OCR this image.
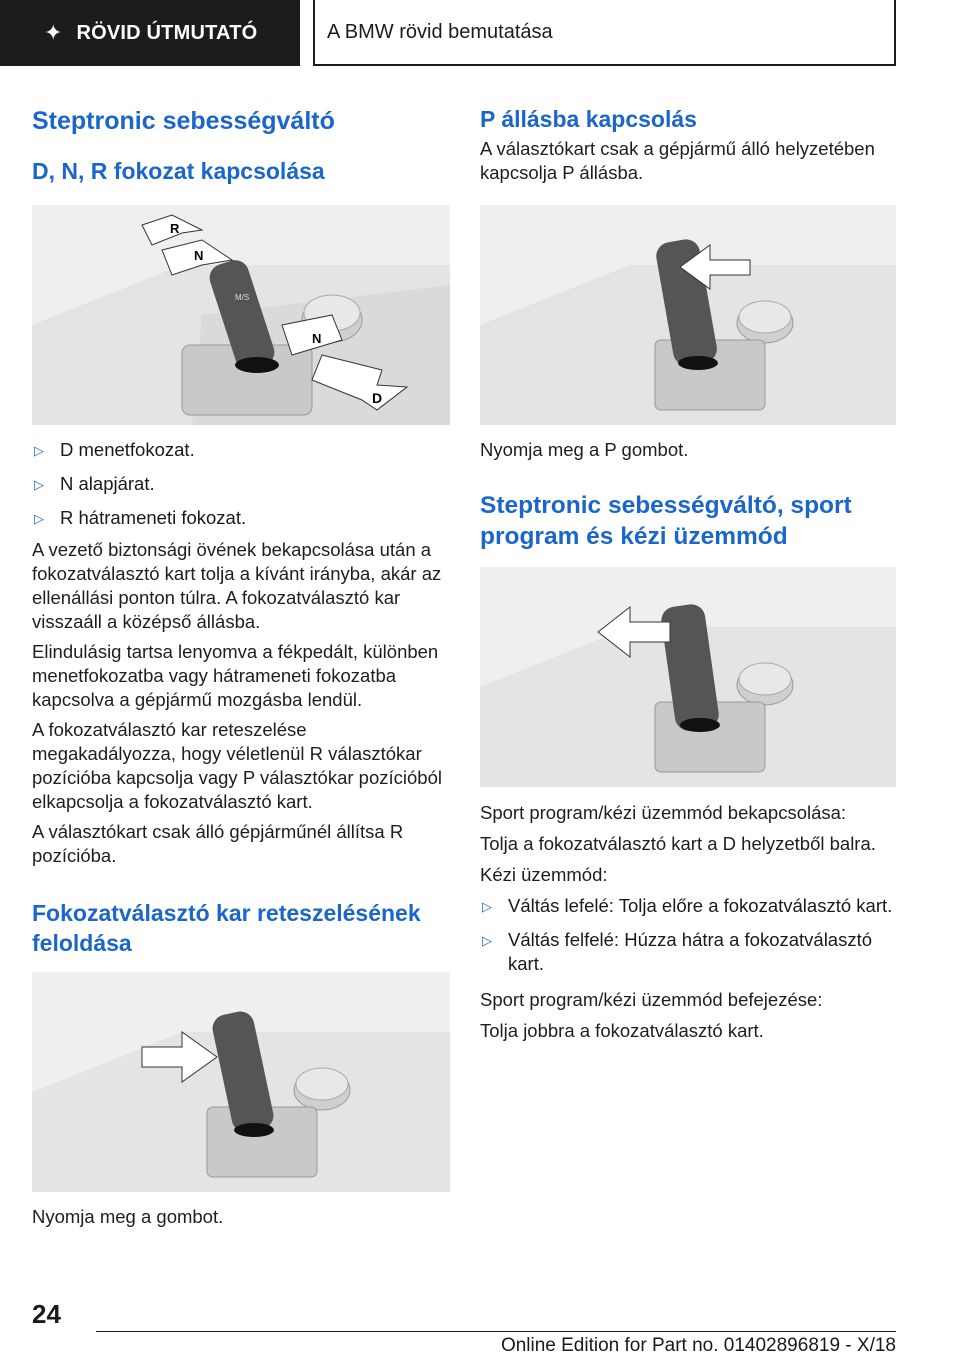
✦ RÖVID ÚTMUTATÓ	A BMW rövid bemutatása
Steptronic sebességváltó
D, N, R fokozat kapcsolása
R
N
N
D
M/S
▷ D menetfokozat.
▷ N alapjárat.
▷ R hátrameneti fokozat.

A vezető biztonsági övének bekapcsolása után a fokozatválasztó kart tolja a kívánt irányba, akár az ellenállási ponton túlra. A fokozatválasztó kar visszaáll a középső állásba.

Elindulásig tartsa lenyomva a fékpedált, különben menetfokozatba vagy hátrameneti fokozatba kapcsolva a gépjármű mozgásba lendül.

A fokozatválasztó kar reteszelése megakadályozza, hogy véletlenül R választókar pozícióba kapcsolja vagy P választókar pozícióból elkapcsolja a fokozatválasztó kart.

A választókart csak álló gépjárműnél állítsa R pozícióba.

Fokozatválasztó kar reteszelésének feloldása

Nyomja meg a gombot.

P állásba kapcsolás

A választókart csak a gépjármű álló helyzetében kapcsolja P állásba.

Nyomja meg a P gombot.

Steptronic sebességváltó, sport program és kézi üzemmód

Sport program/kézi üzemmód bekapcsolása:

Tolja a fokozatválasztó kart a D helyzetből balra.

Kézi üzemmód:

▷ Váltás lefelé: Tolja előre a fokozatválasztó kart.
▷ Váltás felfelé: Húzza hátra a fokozatválasztó kart.

Sport program/kézi üzemmód befejezése:

Tolja jobbra a fokozatválasztó kart.

24
Online Edition for Part no. 01402896819 - X/18
